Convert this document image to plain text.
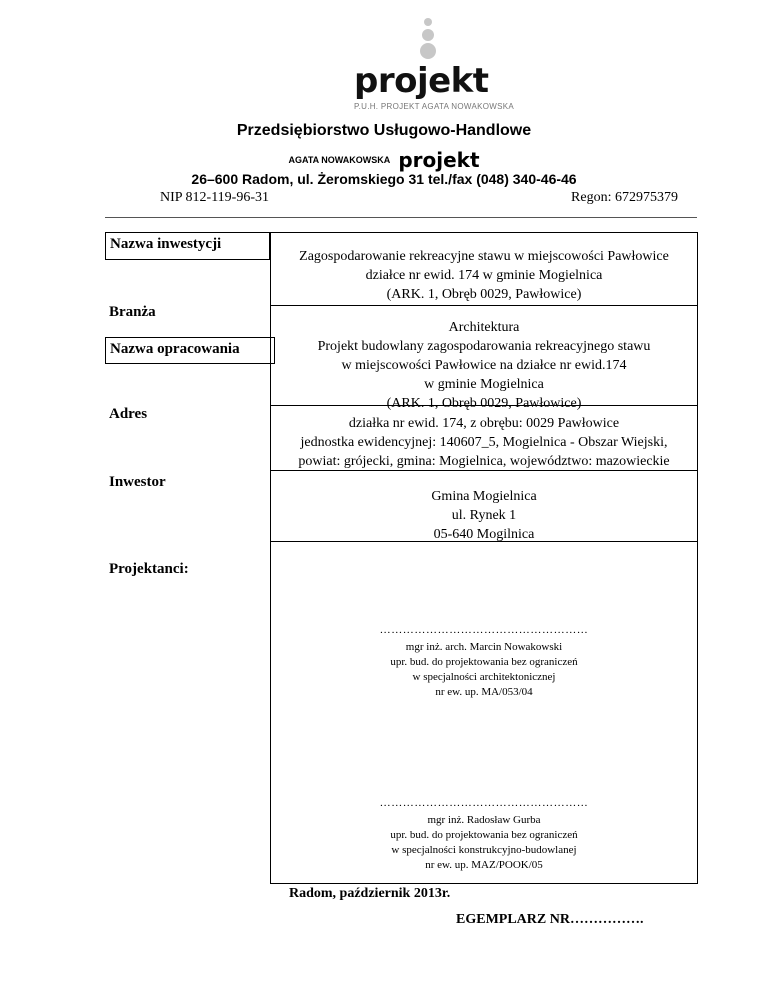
projekt
P.U.H. PROJEKT AGATA NOWAKOWSKA
Przedsiębiorstwo Usługowo-Handlowe
AGATA NOWAKOWSKA projekt
26–600 Radom, ul. Żeromskiego 31 tel./fax (048) 340-46-46
NIP 812-119-96-31	Regon: 672975379
Nazwa inwestycji
Branża
Nazwa opracowania
Adres
Inwestor
Projektanci:
Zagospodarowanie rekreacyjne stawu w miejscowości Pawłowice
działce nr ewid. 174 w gminie Mogielnica
(ARK. 1, Obręb 0029, Pawłowice)
Architektura
Projekt budowlany zagospodarowania rekreacyjnego stawu
w miejscowości Pawłowice na działce nr ewid.174
w gminie Mogielnica
(ARK. 1, Obręb 0029, Pawłowice)
działka nr ewid. 174, z obrębu: 0029 Pawłowice
jednostka ewidencyjnej: 140607_5, Mogielnica - Obszar Wiejski,
powiat: grójecki, gmina: Mogielnica, województwo: mazowieckie
Gmina Mogielnica
ul. Rynek 1
05-640 Mogilnica
………………………………………………
mgr inż. arch. Marcin Nowakowski
upr. bud. do projektowania bez ograniczeń
w specjalności architektonicznej
nr ew. up. MA/053/04
………………………………………………
mgr inż. Radosław Gurba
upr. bud. do projektowania bez ograniczeń
w specjalności konstrukcyjno-budowlanej
nr ew. up. MAZ/POOK/05
Radom, październik 2013r.
EGEMPLARZ NR…………….
